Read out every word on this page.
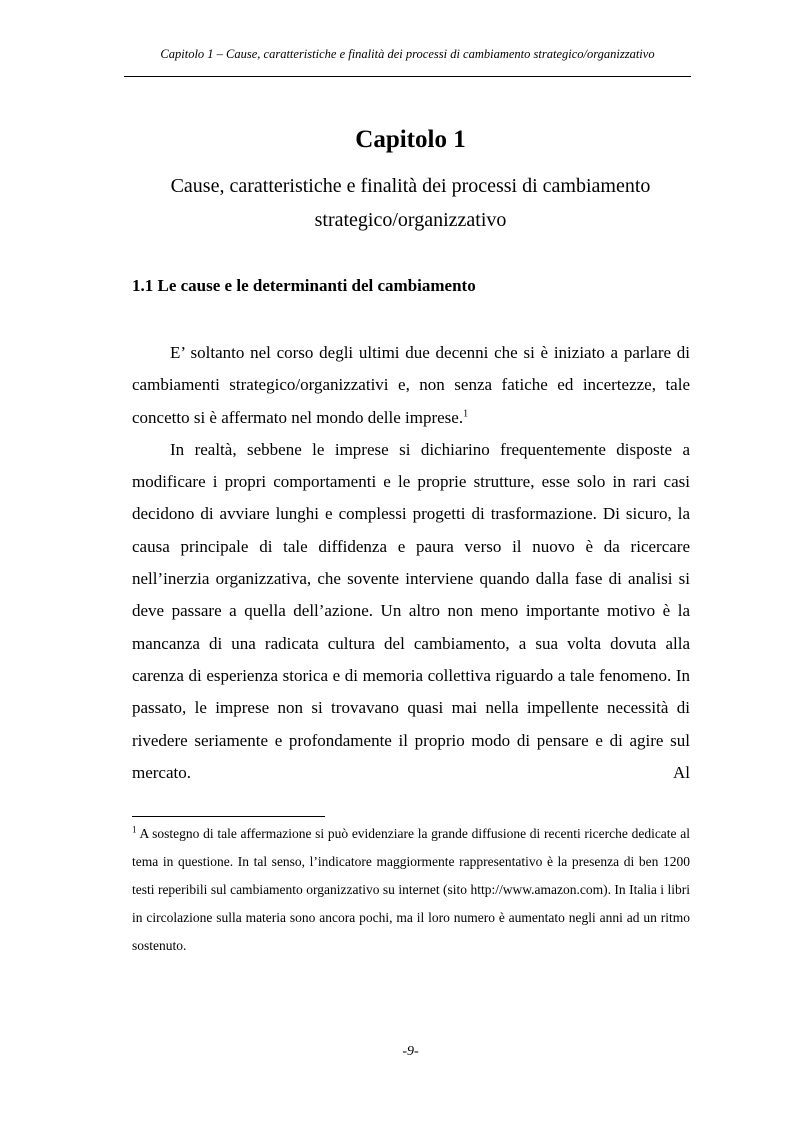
Capitolo 1 – Cause, caratteristiche e finalità dei processi di cambiamento strategico/organizzativo
Capitolo 1
Cause, caratteristiche e finalità dei processi di cambiamento
strategico/organizzativo
1.1 Le cause e le determinanti del cambiamento

E’ soltanto nel corso degli ultimi due decenni che si è iniziato a parlare di cambiamenti strategico/organizzativi e, non senza fatiche ed incertezze, tale concetto si è affermato nel mondo delle imprese.$^1$

In realtà, sebbene le imprese si dichiarino frequentemente disposte a modificare i propri comportamenti e le proprie strutture, esse solo in rari casi decidono di avviare lunghi e complessi progetti di trasformazione. Di sicuro, la causa principale di tale diffidenza e paura verso il nuovo è da ricercare nell’inerzia organizzativa, che sovente interviene quando dalla fase di analisi si deve passare a quella dell’azione. Un altro non meno importante motivo è la mancanza di una radicata cultura del cambiamento, a sua volta dovuta alla carenza di esperienza storica e di memoria collettiva riguardo a tale fenomeno. In passato, le imprese non si trovavano quasi mai nella impellente necessità di rivedere seriamente e profondamente il proprio modo di pensare e di agire sul mercato. Al

$^1$ A sostegno di tale affermazione si può evidenziare la grande diffusione di recenti ricerche dedicate al tema in questione. In tal senso, l’indicatore maggiormente rappresentativo è la presenza di ben 1200 testi reperibili sul cambiamento organizzativo su internet (sito http://www.amazon.com). In Italia i libri in circolazione sulla materia sono ancora pochi, ma il loro numero è aumentato negli anni ad un ritmo sostenuto.

-9-
